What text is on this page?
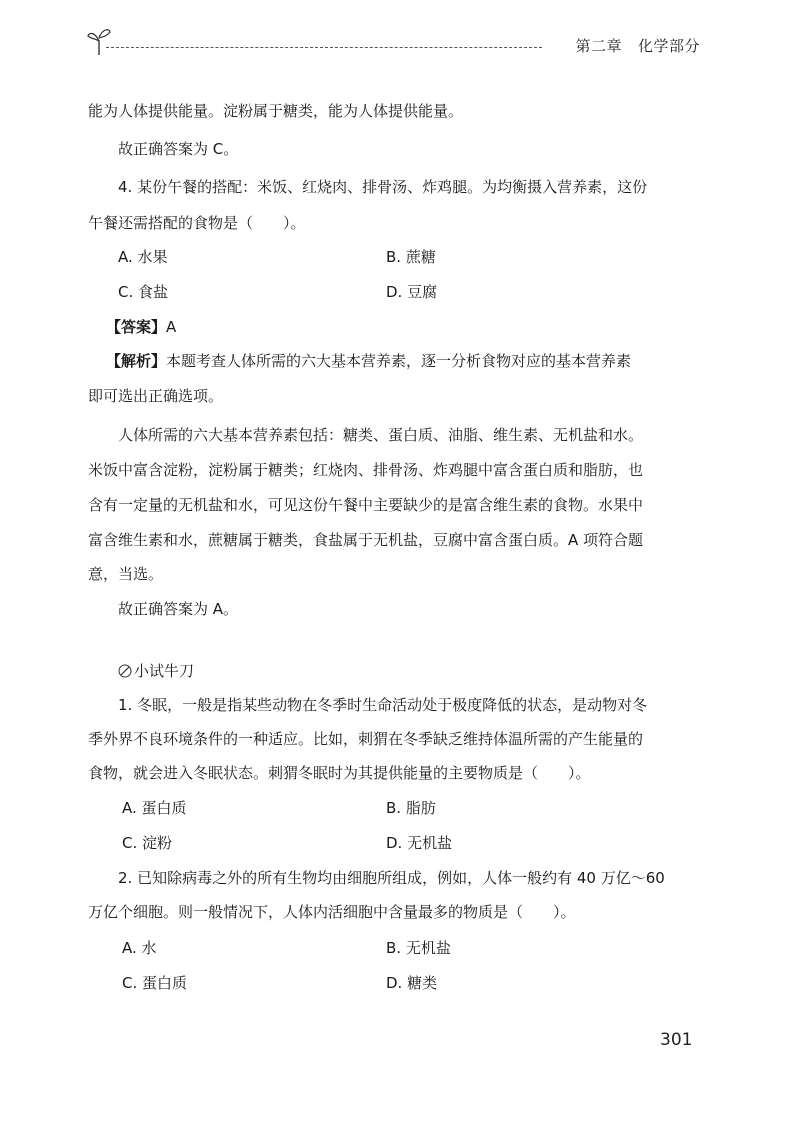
第二章 化学部分
能为人体提供能量。淀粉属于糖类，能为人体提供能量。
故正确答案为 C。
4. 某份午餐的搭配：米饭、红烧肉、排骨汤、炸鸡腿。为均衡摄入营养素，这份
午餐还需搭配的食物是（　　）。
A. 水果	B. 蔗糖
C. 食盐	D. 豆腐
【答案】A
【解析】本题考查人体所需的六大基本营养素，逐一分析食物对应的基本营养素
即可选出正确选项。
人体所需的六大基本营养素包括：糖类、蛋白质、油脂、维生素、无机盐和水。
米饭中富含淀粉，淀粉属于糖类；红烧肉、排骨汤、炸鸡腿中富含蛋白质和脂肪，也
含有一定量的无机盐和水，可见这份午餐中主要缺少的是富含维生素的食物。水果中
富含维生素和水，蔗糖属于糖类，食盐属于无机盐，豆腐中富含蛋白质。A 项符合题
意，当选。
故正确答案为 A。
小试牛刀
1. 冬眠，一般是指某些动物在冬季时生命活动处于极度降低的状态，是动物对冬
季外界不良环境条件的一种适应。比如，刺猬在冬季缺乏维持体温所需的产生能量的
食物，就会进入冬眠状态。刺猬冬眠时为其提供能量的主要物质是（　　）。
A. 蛋白质	B. 脂肪
C. 淀粉	D. 无机盐
2. 已知除病毒之外的所有生物均由细胞所组成，例如，人体一般约有 40 万亿～60
万亿个细胞。则一般情况下，人体内活细胞中含量最多的物质是（　　）。
A. 水	B. 无机盐
C. 蛋白质	D. 糖类
301
